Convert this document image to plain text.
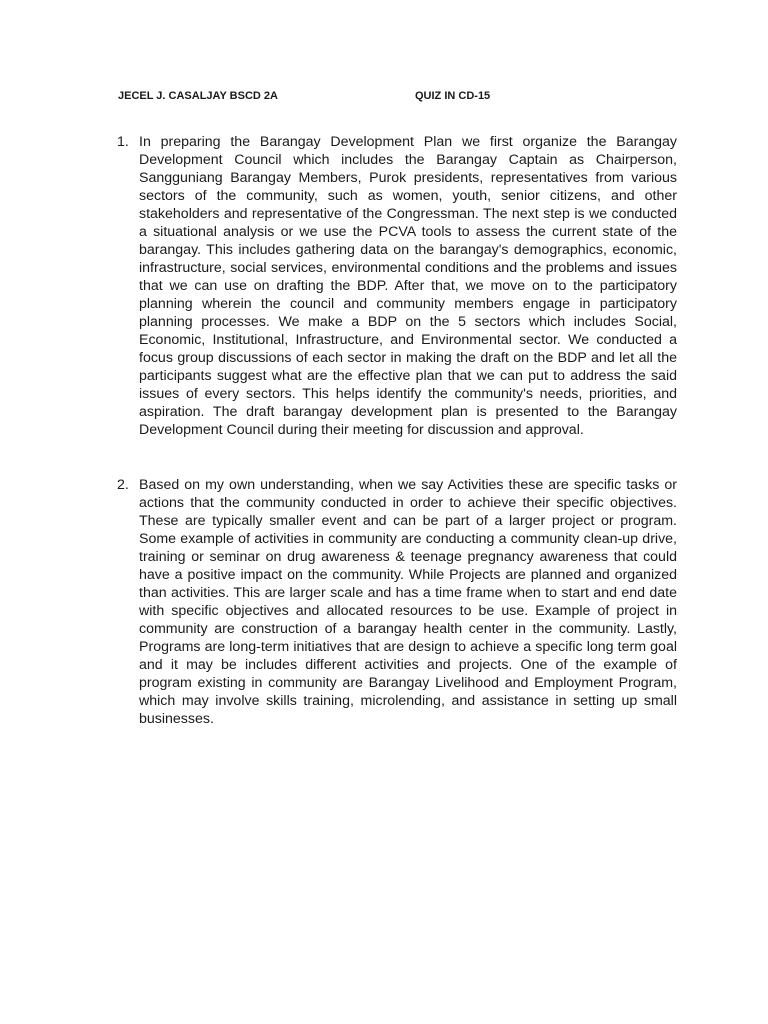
JECEL J. CASALJAY BSCD 2A	QUIZ IN CD-15
1. In preparing the Barangay Development Plan we first organize the Barangay Development Council which includes the Barangay Captain as Chairperson, Sangguniang Barangay Members, Purok presidents, representatives from various sectors of the community, such as women, youth, senior citizens, and other stakeholders and representative of the Congressman. The next step is we conducted a situational analysis or we use the PCVA tools to assess the current state of the barangay. This includes gathering data on the barangay's demographics, economic, infrastructure, social services, environmental conditions and the problems and issues that we can use on drafting the BDP. After that, we move on to the participatory planning wherein the council and community members engage in participatory planning processes. We make a BDP on the 5 sectors which includes Social, Economic, Institutional, Infrastructure, and Environmental sector. We conducted a focus group discussions of each sector in making the draft on the BDP and let all the participants suggest what are the effective plan that we can put to address the said issues of every sectors. This helps identify the community's needs, priorities, and aspiration. The draft barangay development plan is presented to the Barangay Development Council during their meeting for discussion and approval.
2. Based on my own understanding, when we say Activities these are specific tasks or actions that the community conducted in order to achieve their specific objectives. These are typically smaller event and can be part of a larger project or program. Some example of activities in community are conducting a community clean-up drive, training or seminar on drug awareness & teenage pregnancy awareness that could have a positive impact on the community. While Projects are planned and organized than activities. This are larger scale and has a time frame when to start and end date with specific objectives and allocated resources to be use. Example of project in community are construction of a barangay health center in the community. Lastly, Programs are long-term initiatives that are design to achieve a specific long term goal and it may be includes different activities and projects. One of the example of program existing in community are Barangay Livelihood and Employment Program, which may involve skills training, microlending, and assistance in setting up small businesses.
